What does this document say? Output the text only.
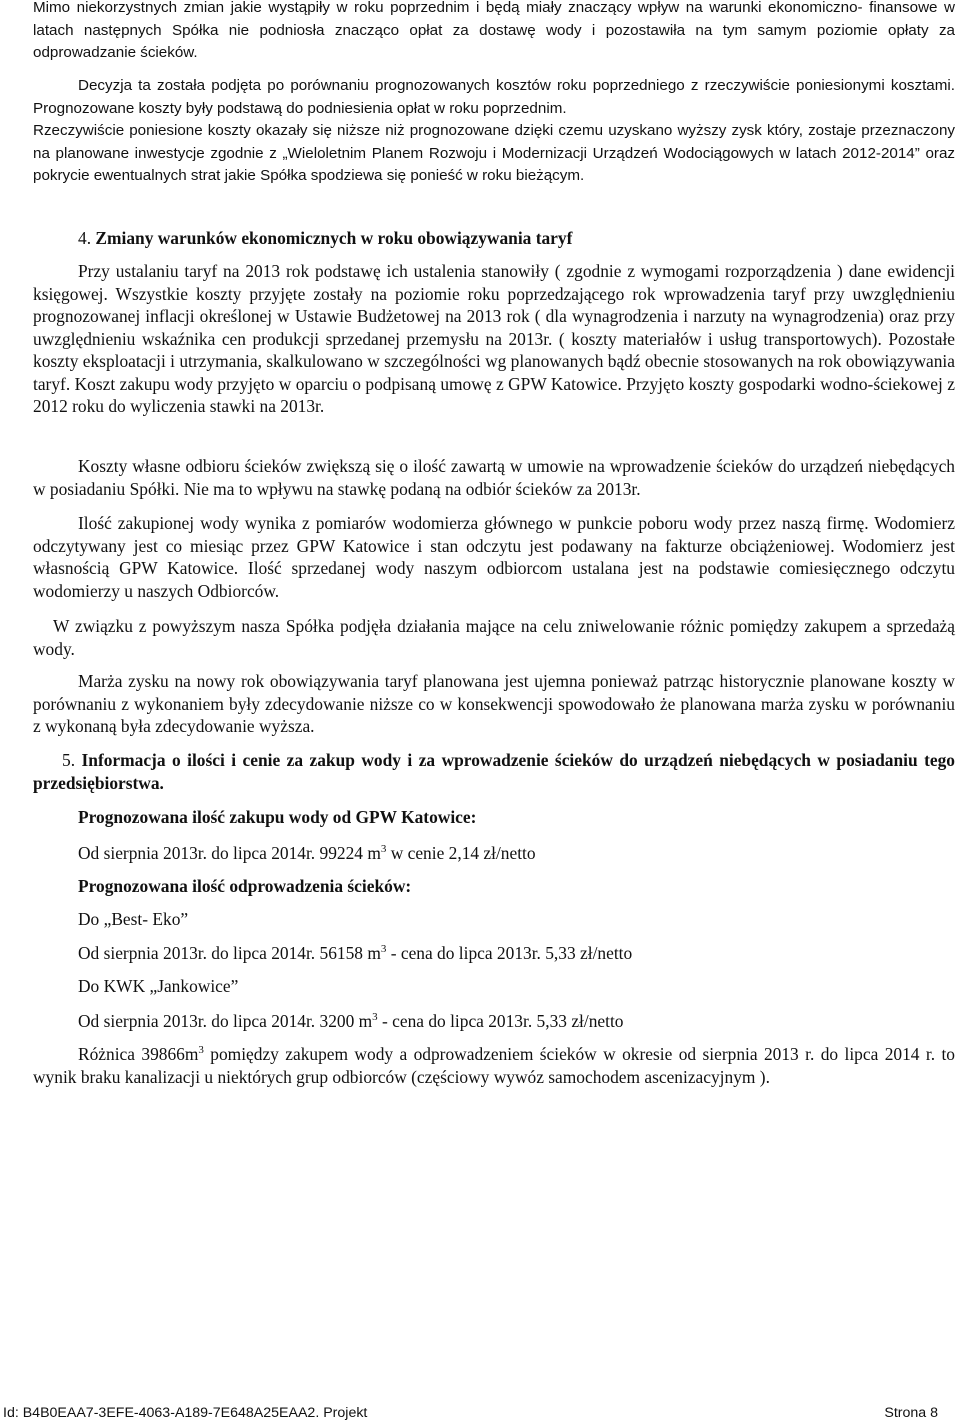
Mimo niekorzystnych zmian jakie wystąpiły w roku poprzednim i będą miały znaczący wpływ na warunki ekonomiczno- finansowe w latach następnych Spółka nie podniosła znacząco opłat za dostawę wody i pozostawiła na tym samym poziomie opłaty za odprowadzanie ścieków.

Decyzja ta została podjęta po porównaniu prognozowanych kosztów roku poprzedniego z rzeczywiście poniesionymi kosztami. Prognozowane koszty były podstawą do podniesienia opłat w roku poprzednim.

Rzeczywiście poniesione koszty okazały się niższe niż prognozowane dzięki czemu uzyskano wyższy zysk który, zostaje przeznaczony na planowane inwestycje zgodnie z „Wieloletnim Planem Rozwoju i Modernizacji Urządzeń Wodociągowych w latach 2012-2014” oraz pokrycie ewentualnych strat jakie Spółka spodziewa się ponieść w roku bieżącym.

4. Zmiany warunków ekonomicznych w roku obowiązywania taryf

Przy ustalaniu taryf na 2013 rok podstawę ich ustalenia stanowiły ( zgodnie z wymogami rozporządzenia ) dane ewidencji księgowej. Wszystkie koszty przyjęte zostały na poziomie roku poprzedzającego rok wprowadzenia taryf przy uwzględnieniu prognozowanej inflacji określonej w Ustawie Budżetowej na 2013 rok ( dla wynagrodzenia i narzuty na wynagrodzenia) oraz przy uwzględnieniu wskaźnika cen produkcji sprzedanej przemysłu na 2013r. ( koszty materiałów i usług transportowych). Pozostałe koszty eksploatacji i utrzymania, skalkulowano w szczególności wg planowanych bądź obecnie stosowanych na rok obowiązywania taryf. Koszt zakupu wody przyjęto w oparciu o podpisaną umowę z GPW Katowice. Przyjęto koszty gospodarki wodno-ściekowej z 2012 roku do wyliczenia stawki na 2013r.

Koszty własne odbioru ścieków zwiększą się o ilość zawartą w umowie na wprowadzenie ścieków do urządzeń niebędących w posiadaniu Spółki. Nie ma to wpływu na stawkę podaną na odbiór ścieków za 2013r.

Ilość zakupionej wody wynika z pomiarów wodomierza głównego w punkcie poboru wody przez naszą firmę. Wodomierz odczytywany jest co miesiąc przez GPW Katowice i stan odczytu jest podawany na fakturze obciążeniowej. Wodomierz jest własnością GPW Katowice. Ilość sprzedanej wody naszym odbiorcom ustalana jest na podstawie comiesięcznego odczytu wodomierzy u naszych Odbiorców.

W związku z powyższym nasza Spółka podjęła działania mające na celu zniwelowanie różnic pomiędzy zakupem a sprzedażą wody.

Marża zysku na nowy rok obowiązywania taryf planowana jest ujemna ponieważ patrząc historycznie planowane koszty w porównaniu z wykonaniem były zdecydowanie niższe co w konsekwencji spowodowało że planowana marża zysku w porównaniu z wykonaną była zdecydowanie wyższa.

5. Informacja o ilości i cenie za zakup wody i za wprowadzenie ścieków do urządzeń niebędących w posiadaniu tego przedsiębiorstwa.

Prognozowana ilość zakupu wody od GPW Katowice:

Od sierpnia 2013r. do lipca 2014r. 99224 $m^3$ w cenie 2,14 zł/netto

Prognozowana ilość odprowadzenia ścieków:

Do „Best- Eko”

Od sierpnia 2013r. do lipca 2014r. 56158 $m^3$ - cena do lipca 2013r. 5,33 zł/netto

Do KWK „Jankowice”

Od sierpnia 2013r. do lipca 2014r. 3200 $m^3$ - cena do lipca 2013r. 5,33 zł/netto

Różnica $39866m^3$ pomiędzy zakupem wody a odprowadzeniem ścieków w okresie od sierpnia 2013 r. do lipca 2014 r. to wynik braku kanalizacji u niektórych grup odbiorców (częściowy wywóz samochodem ascenizacyjnym ).

Id: B4B0EAA7-3EFE-4063-A189-7E648A25EAA2. Projekt	Strona 8
